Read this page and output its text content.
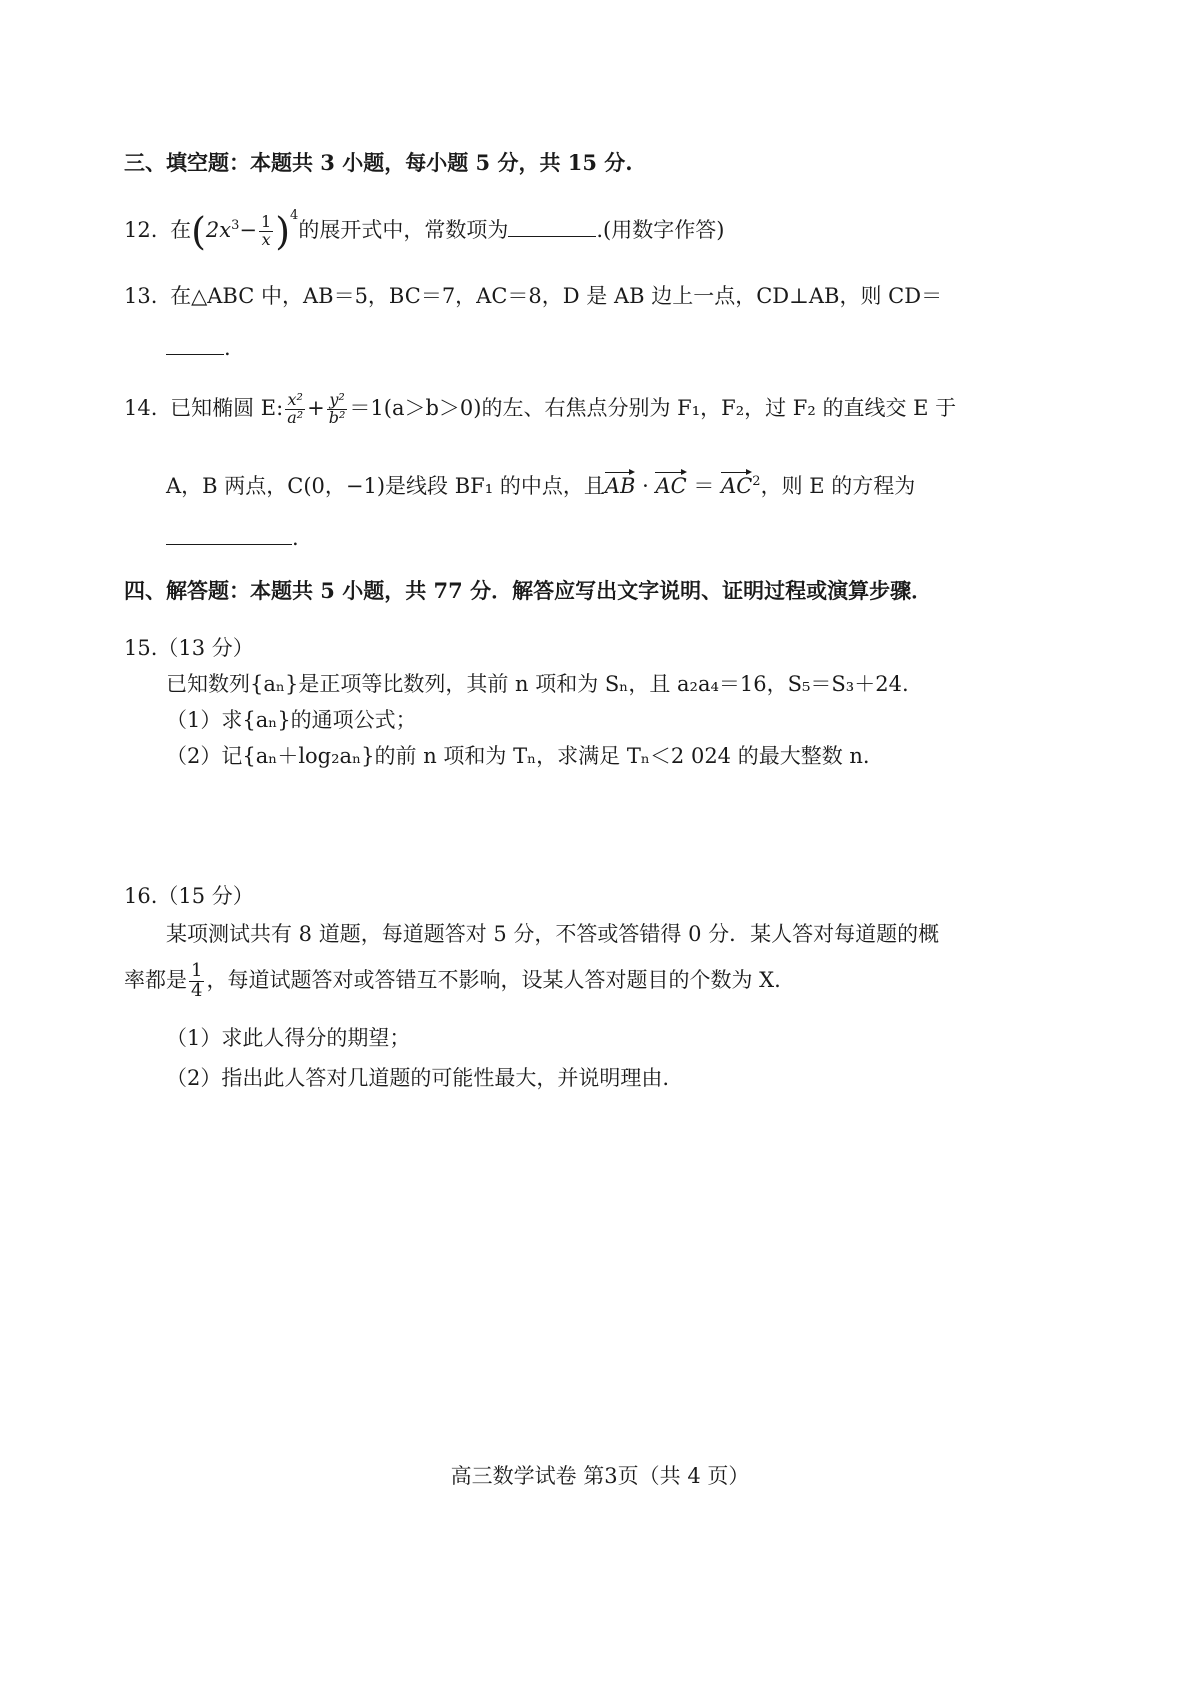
三、填空题：本题共 3 小题，每小题 5 分，共 15 分.
12. 在$(2x^3- \frac{1}{x} )^4$的展开式中，常数项为	.(用数字作答)
13. 在△ABC 中，AB＝5，BC＝7，AC＝8，D 是 AB 边上一点，CD⊥AB，则 CD＝
.
14. 已知椭圆 E: $\frac{\text{x²}}{\text{a²}} + \frac{\text{y²}}{\text{b²}} =1(a>b>0)$的左、右焦点分别为 F₁，F₂，过 F₂ 的直线交 E 于
A，B 两点，C(0，−1)是线段 BF₁ 的中点，且AB · AC ＝ $AC^2$，则 E 的方程为
.
四、解答题：本题共 5 小题，共 77 分．解答应写出文字说明、证明过程或演算步骤．
15.（13 分）
已知数列{aₙ}是正项等比数列，其前 n 项和为 Sₙ，且 a₂a₄＝16，S₅＝S₃＋24.
（1）求{aₙ}的通项公式；
（2）记{aₙ＋log₂aₙ}的前 n 项和为 Tₙ，求满足 Tₙ＜2 024 的最大整数 n.
16.（15 分）
某项测试共有 8 道题，每道题答对 5 分，不答或答错得 0 分．某人答对每道题的概
率都是 $\frac{1}{4}$ ，每道试题答对或答错互不影响，设某人答对题目的个数为 X.
（1）求此人得分的期望；
（2）指出此人答对几道题的可能性最大，并说明理由.
高三数学试卷 第3页（共 4 页）
